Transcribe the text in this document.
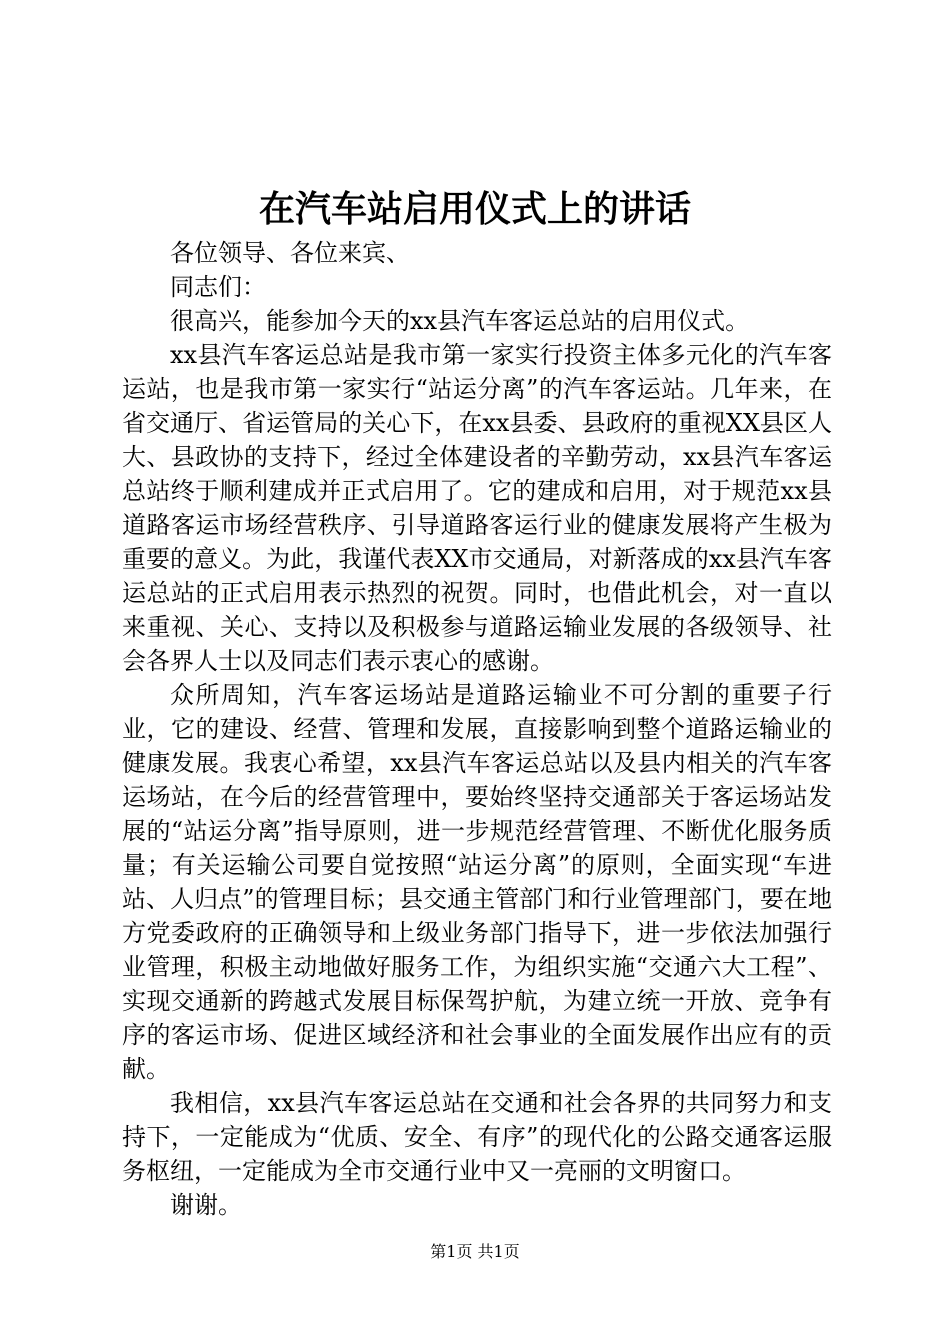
在汽车站启用仪式上的讲话

各位领导、各位来宾、

同志们：

很高兴，能参加今天的xx县汽车客运总站的启用仪式。

xx县汽车客运总站是我市第一家实行投资主体多元化的汽车客运站，也是我市第一家实行“站运分离”的汽车客运站。几年来，在省交通厅、省运管局的关心下，在xx县委、县政府的重视XX县区人大、县政协的支持下，经过全体建设者的辛勤劳动，xx县汽车客运总站终于顺利建成并正式启用了。它的建成和启用，对于规范xx县道路客运市场经营秩序、引导道路客运行业的健康发展将产生极为重要的意义。为此，我谨代表XX市交通局，对新落成的xx县汽车客运总站的正式启用表示热烈的祝贺。同时，也借此机会，对一直以来重视、关心、支持以及积极参与道路运输业发展的各级领导、社会各界人士以及同志们表示衷心的感谢。

众所周知，汽车客运场站是道路运输业不可分割的重要子行业，它的建设、经营、管理和发展，直接影响到整个道路运输业的健康发展。我衷心希望，xx县汽车客运总站以及县内相关的汽车客运场站，在今后的经营管理中，要始终坚持交通部关于客运场站发展的“站运分离”指导原则，进一步规范经营管理、不断优化服务质量；有关运输公司要自觉按照“站运分离”的原则，全面实现“车进站、人归点”的管理目标；县交通主管部门和行业管理部门，要在地方党委政府的正确领导和上级业务部门指导下，进一步依法加强行业管理，积极主动地做好服务工作，为组织实施“交通六大工程”、实现交通新的跨越式发展目标保驾护航，为建立统一开放、竞争有序的客运市场、促进区域经济和社会事业的全面发展作出应有的贡献。

我相信，xx县汽车客运总站在交通和社会各界的共同努力和支持下，一定能成为“优质、安全、有序”的现代化的公路交通客运服务枢纽，一定能成为全市交通行业中又一亮丽的文明窗口。

谢谢。

第1页 共1页
